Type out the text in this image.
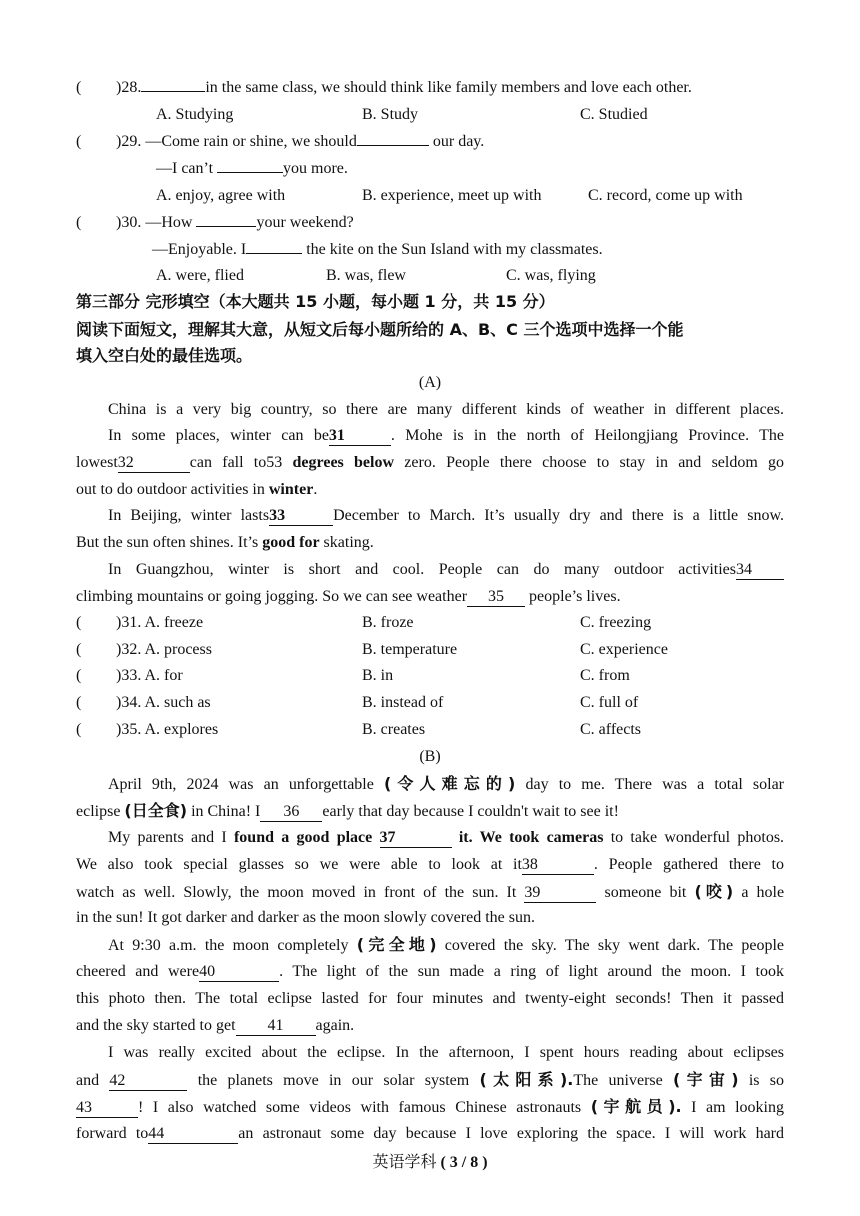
( )28.	in the same class, we should think like family members and love each other.
A. Studying	B. Study	C. Studied
( )29. —Come rain or shine, we should	our day.
—I can’t	you more.
A. enjoy, agree with	B. experience, meet up with	C. record, come up with
( )30. —How	your weekend?
—Enjoyable. I	the kite on the Sun Island with my classmates.
A. were, flied	B. was, flew	C. was, flying
第三部分 完形填空（本大题共 15 小题，每小题 1 分，共 15 分）
阅读下面短文，理解其大意，从短文后每小题所给的 A、B、C 三个选项中选择一个能
填入空白处的最佳选项。
(A)
China is a very big country, so there are many different kinds of weather in different places.
In some places, winter can be31	. Mohe is in the north of Heilongjiang Province. The
lowest32	can fall to53 degrees below zero. People there choose to stay in and seldom go
out to do outdoor activities in winter.
In Beijing, winter lasts33	December to March. It’s usually dry and there is a little snow.
But the sun often shines. It’s good for skating.
In Guangzhou, winter is short and cool. People can do many outdoor activities34
climbing mountains or going jogging. So we can see weather 35 people’s lives.
( )31. A. freeze	B. froze	C. freezing
( )32. A. process	B. temperature	C. experience
( )33. A. for	B. in	C. from
( )34. A. such as	B. instead of	C. full of
( )35. A. explores	B. creates	C. affects
(B)
April 9th, 2024 was an unforgettable (令人难忘的) day to me. There was a total solar
eclipse (日全食) in China! I 36 early that day because I couldn't wait to see it!
My parents and I found a good place 37	it. We took cameras to take wonderful photos.
We also took special glasses so we were able to look at it38	. People gathered there to
watch as well. Slowly, the moon moved in front of the sun. It 39	someone bit (咬) a hole
in the sun! It got darker and darker as the moon slowly covered the sun.
At 9:30 a.m. the moon completely (完全地) covered the sky. The sky went dark. The people
cheered and were40	. The light of the sun made a ring of light around the moon. I took
this photo then. The total eclipse lasted for four minutes and twenty-eight seconds! Then it passed
and the sky started to get 41 again.
I was really excited about the eclipse. In the afternoon, I spent hours reading about eclipses
and 42	the planets move in our solar system (太阳系).The universe (宇宙) is so
43	! I also watched some videos with famous Chinese astronauts (宇航员). I am looking
forward to44	an astronaut some day because I love exploring the space. I will work hard
英语学科 ( 3 / 8 )
